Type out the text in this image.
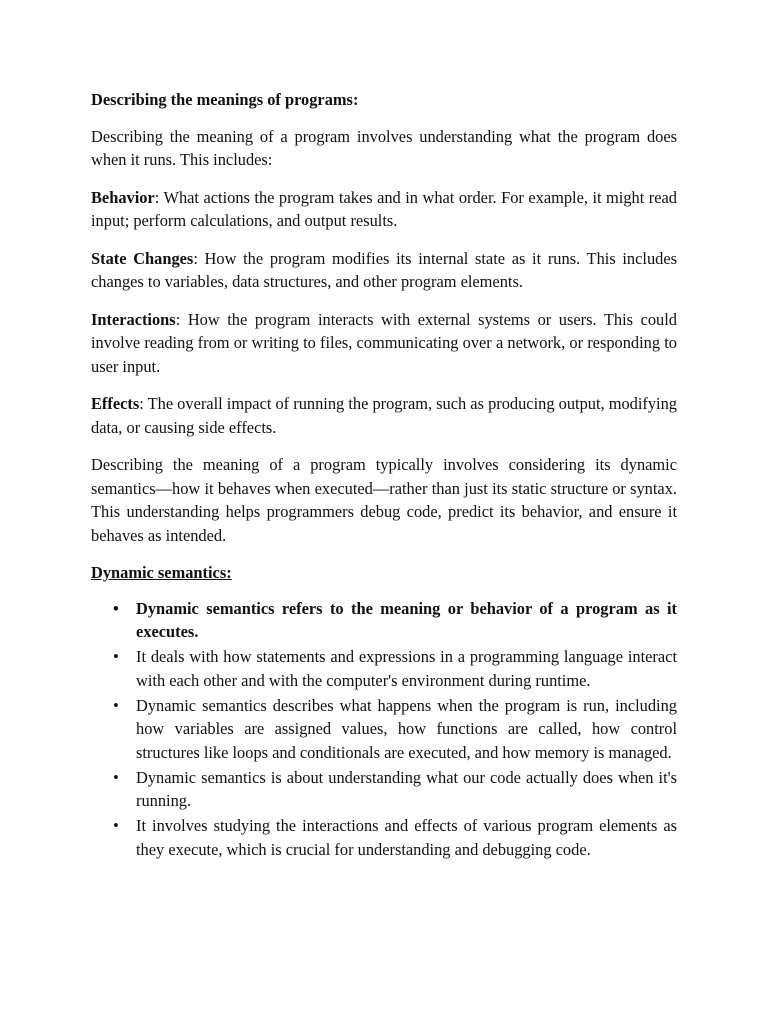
Describing the meanings of programs:
Describing the meaning of a program involves understanding what the program does when it runs. This includes:
Behavior: What actions the program takes and in what order. For example, it might read input; perform calculations, and output results.
State Changes: How the program modifies its internal state as it runs. This includes changes to variables, data structures, and other program elements.
Interactions: How the program interacts with external systems or users. This could involve reading from or writing to files, communicating over a network, or responding to user input.
Effects: The overall impact of running the program, such as producing output, modifying data, or causing side effects.
Describing the meaning of a program typically involves considering its dynamic semantics—how it behaves when executed—rather than just its static structure or syntax. This understanding helps programmers debug code, predict its behavior, and ensure it behaves as intended.
Dynamic semantics:
• Dynamic semantics refers to the meaning or behavior of a program as it executes.
• It deals with how statements and expressions in a programming language interact with each other and with the computer's environment during runtime.
• Dynamic semantics describes what happens when the program is run, including how variables are assigned values, how functions are called, how control structures like loops and conditionals are executed, and how memory is managed.
• Dynamic semantics is about understanding what our code actually does when it's running.
• It involves studying the interactions and effects of various program elements as they execute, which is crucial for understanding and debugging code.
